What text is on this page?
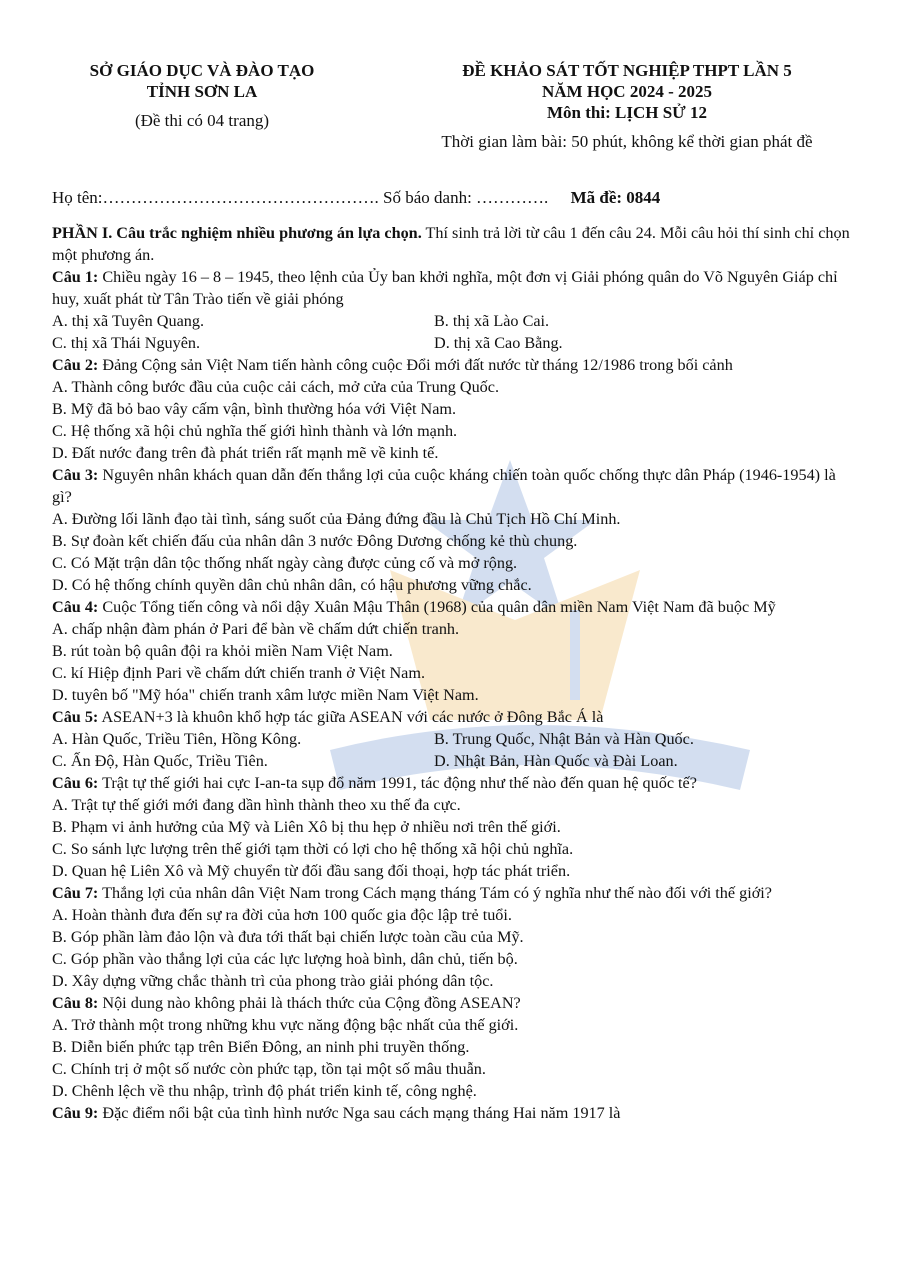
SỞ GIÁO DỤC VÀ ĐÀO TẠO
TỈNH SƠN LA
(Đề thi có 04 trang)
ĐỀ KHẢO SÁT TỐT NGHIỆP THPT LẦN 5
NĂM HỌC 2024 - 2025
Môn thi: LỊCH SỬ 12
Thời gian làm bài: 50 phút, không kể thời gian phát đề
Họ tên:…………………………………………. Số báo danh: …………. Mã đề: 0844

PHẦN I. Câu trắc nghiệm nhiều phương án lựa chọn. Thí sinh trả lời từ câu 1 đến câu 24. Mỗi câu hỏi thí sinh chỉ chọn một phương án.

Câu 1: Chiều ngày 16 – 8 – 1945, theo lệnh của Ủy ban khởi nghĩa, một đơn vị Giải phóng quân do Võ Nguyên Giáp chỉ huy, xuất phát từ Tân Trào tiến về giải phóng

A. thị xã Tuyên Quang.	B. thị xã Lào Cai.
C. thị xã Thái Nguyên.	D. thị xã Cao Bằng.

Câu 2: Đảng Cộng sản Việt Nam tiến hành công cuộc Đổi mới đất nước từ tháng 12/1986 trong bối cảnh

A. Thành công bước đầu của cuộc cải cách, mở cửa của Trung Quốc.

B. Mỹ đã bỏ bao vây cấm vận, bình thường hóa với Việt Nam.

C. Hệ thống xã hội chủ nghĩa thế giới hình thành và lớn mạnh.

D. Đất nước đang trên đà phát triển rất mạnh mẽ về kinh tế.

Câu 3: Nguyên nhân khách quan dẫn đến thắng lợi của cuộc kháng chiến toàn quốc chống thực dân Pháp (1946-1954) là gì?

A. Đường lối lãnh đạo tài tình, sáng suốt của Đảng đứng đầu là Chủ Tịch Hồ Chí Minh.

B. Sự đoàn kết chiến đấu của nhân dân 3 nước Đông Dương chống kẻ thù chung.

C. Có Mặt trận dân tộc thống nhất ngày càng được củng cố và mở rộng.

D. Có hệ thống chính quyền dân chủ nhân dân, có hậu phương vững chắc.

Câu 4: Cuộc Tổng tiến công và nổi dậy Xuân Mậu Thân (1968) của quân dân miền Nam Việt Nam đã buộc Mỹ

A. chấp nhận đàm phán ở Pari để bàn về chấm dứt chiến tranh.

B. rút toàn bộ quân đội ra khỏi miền Nam Việt Nam.

C. kí Hiệp định Pari về chấm dứt chiến tranh ở Việt Nam.

D. tuyên bố "Mỹ hóa" chiến tranh xâm lược miền Nam Việt Nam.

Câu 5: ASEAN+3 là khuôn khổ hợp tác giữa ASEAN với các nước ở Đông Bắc Á là

A. Hàn Quốc, Triều Tiên, Hồng Kông.	B. Trung Quốc, Nhật Bản và Hàn Quốc.
C. Ấn Độ, Hàn Quốc, Triều Tiên.	D. Nhật Bản, Hàn Quốc và Đài Loan.

Câu 6: Trật tự thế giới hai cực I-an-ta sụp đổ năm 1991, tác động như thế nào đến quan hệ quốc tế?

A. Trật tự thế giới mới đang dần hình thành theo xu thế đa cực.

B. Phạm vi ảnh hưởng của Mỹ và Liên Xô bị thu hẹp ở nhiều nơi trên thế giới.

C. So sánh lực lượng trên thế giới tạm thời có lợi cho hệ thống xã hội chủ nghĩa.

D. Quan hệ Liên Xô và Mỹ chuyển từ đối đầu sang đối thoại, hợp tác phát triển.

Câu 7: Thắng lợi của nhân dân Việt Nam trong Cách mạng tháng Tám có ý nghĩa như thế nào đối với thế giới?

A. Hoàn thành đưa đến sự ra đời của hơn 100 quốc gia độc lập trẻ tuổi.

B. Góp phần làm đảo lộn và đưa tới thất bại chiến lược toàn cầu của Mỹ.

C. Góp phần vào thắng lợi của các lực lượng hoà bình, dân chủ, tiến bộ.

D. Xây dựng vững chắc thành trì của phong trào giải phóng dân tộc.

Câu 8: Nội dung nào không phải là thách thức của Cộng đồng ASEAN?

A. Trở thành một trong những khu vực năng động bậc nhất của thế giới.

B. Diễn biến phức tạp trên Biển Đông, an ninh phi truyền thống.

C. Chính trị ở một số nước còn phức tạp, tồn tại một số mâu thuẫn.

D. Chênh lệch về thu nhập, trình độ phát triển kinh tế, công nghệ.

Câu 9: Đặc điểm nổi bật của tình hình nước Nga sau cách mạng tháng Hai năm 1917 là
